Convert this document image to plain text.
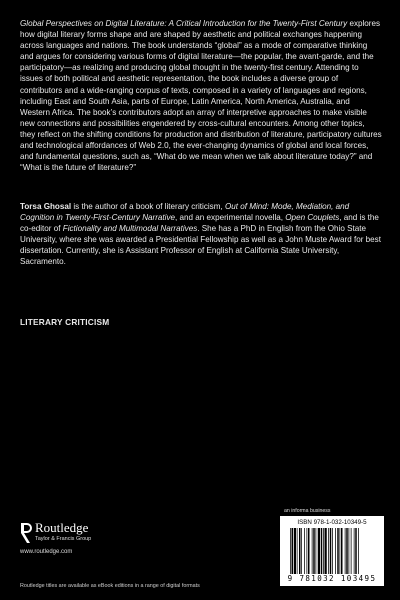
Global Perspectives on Digital Literature: A Critical Introduction for the Twenty-First Century explores how digital literary forms shape and are shaped by aesthetic and political exchanges happening across languages and nations. The book understands “global” as a mode of comparative thinking and argues for considering various forms of digital literature—the popular, the avant-garde, and the participatory—as realizing and producing global thought in the twenty-first century. Attending to issues of both political and aesthetic representation, the book includes a diverse group of contributors and a wide-ranging corpus of texts, composed in a variety of languages and regions, including East and South Asia, parts of Europe, Latin America, North America, Australia, and Western Africa. The book’s contributors adopt an array of interpretive approaches to make visible new connections and possibilities engendered by cross-cultural encounters. Among other topics, they reflect on the shifting conditions for production and distribution of literature, participatory cultures and technological affordances of Web 2.0, the ever-changing dynamics of global and local forces, and fundamental questions, such as, “What do we mean when we talk about literature today?” and “What is the future of literature?”

Torsa Ghosal is the author of a book of literary criticism, Out of Mind: Mode, Mediation, and Cognition in Twenty-First-Century Narrative, and an experimental novella, Open Couplets, and is the co-editor of Fictionality and Multimodal Narratives. She has a PhD in English from the Ohio State University, where she was awarded a Presidential Fellowship as well as a John Muste Award for best dissertation. Currently, she is Assistant Professor of English at California State University, Sacramento.

LITERARY CRITICISM

Routledge
Taylor & Francis Group
www.routledge.com
an informa business
ISBN 978-1-032-10349-5
9 781032 103495
Routledge titles are available as eBook editions in a range of digital formats
